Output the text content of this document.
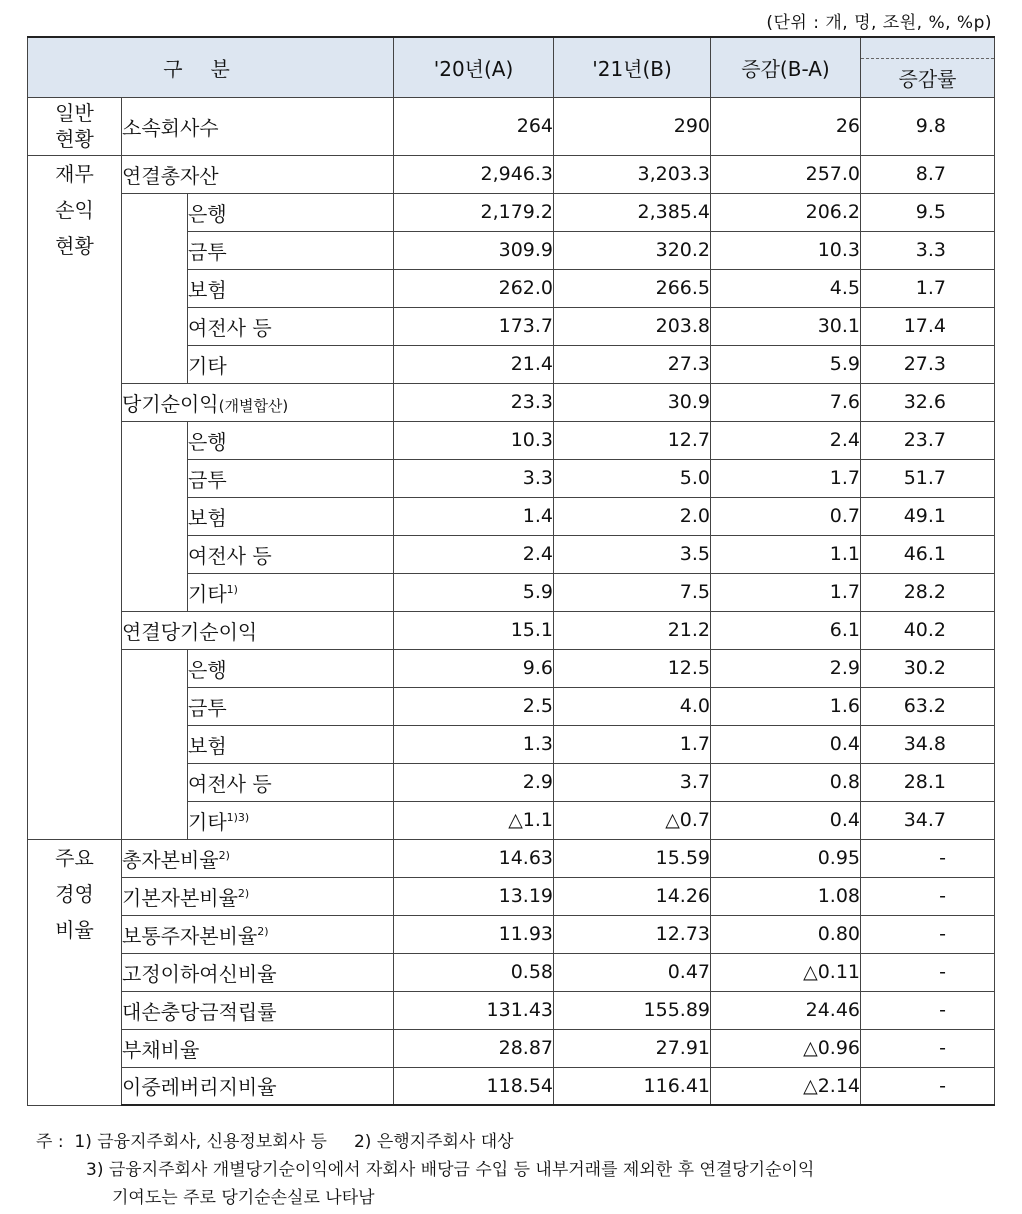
(단위 : 개, 명, 조원, %, %p)
구분			'20년(A)	'21년(B)	증감(B-A)	증감률

일반
현황	소속회사수		264	290	26	9.8

재무
손익
현황	연결총자산		2,946.3	3,203.3	257.0	8.7
		은행	2,179.2	2,385.4	206.2	9.5
		금투	309.9	320.2	10.3	3.3
		보험	262.0	266.5	4.5	1.7
		여전사 등	173.7	203.8	30.1	17.4
		기타	21.4	27.3	5.9	27.3
	당기순이익(개별합산)		23.3	30.9	7.6	32.6
		은행	10.3	12.7	2.4	23.7
		금투	3.3	5.0	1.7	51.7
		보험	1.4	2.0	0.7	49.1
		여전사 등	2.4	3.5	1.1	46.1
		기타$^{1)}$	5.9	7.5	1.7	28.2
	연결당기순이익		15.1	21.2	6.1	40.2
		은행	9.6	12.5	2.9	30.2
		금투	2.5	4.0	1.6	63.2
		보험	1.3	1.7	0.4	34.8
		여전사 등	2.9	3.7	0.8	28.1
		기타$^{1)3)}$	△1.1	△0.7	0.4	34.7

주요
경영
비율	총자본비율$^{2)}$		14.63	15.59	0.95	-
	기본자본비율$^{2)}$		13.19	14.26	1.08	-
	보통주자본비율$^{2)}$		11.93	12.73	0.80	-
	고정이하여신비율		0.58	0.47	△0.11	-
	대손충당금적립률		131.43	155.89	24.46	-
	부채비율		28.87	27.91	△0.96	-
	이중레버리지비율		118.54	116.41	△2.14	-
주 : 1) 금융지주회사, 신용정보회사 등 2) 은행지주회사 대상
3) 금융지주회사 개별당기순이익에서 자회사 배당금 수입 등 내부거래를 제외한 후 연결당기순이익
기여도는 주로 당기순손실로 나타남
